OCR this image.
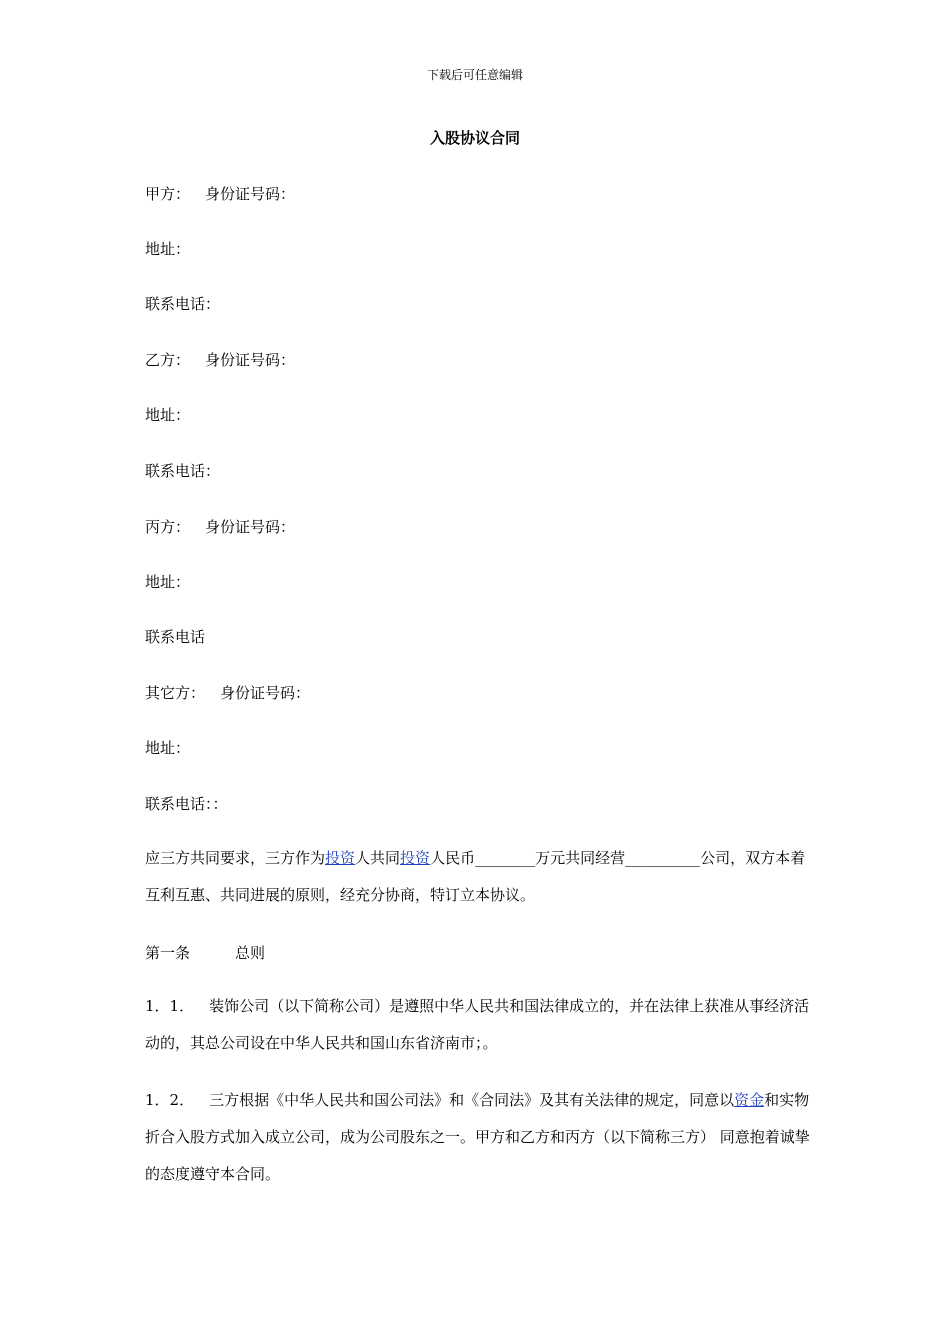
下载后可任意编辑
入股协议合同
甲方： 身份证号码：
地址：
联系电话：
乙方： 身份证号码：
地址：
联系电话：
丙方： 身份证号码：
地址：
联系电话
其它方： 身份证号码：
地址：
联系电话：：
应三方共同要求，三方作为投资人共同投资人民币________万元共同经营__________公司，双方本着互利互惠、共同进展的原则，经充分协商，特订立本协议。
第一条	总则
1．1． 装饰公司（以下简称公司）是遵照中华人民共和国法律成立的，并在法律上获准从事经济活动的，其总公司设在中华人民共和国山东省济南市；。
1．2． 三方根据《中华人民共和国公司法》和《合同法》及其有关法律的规定，同意以资金和实物折合入股方式加入成立公司，成为公司股东之一。甲方和乙方和丙方（以下简称三方） 同意抱着诚挚的态度遵守本合同。
